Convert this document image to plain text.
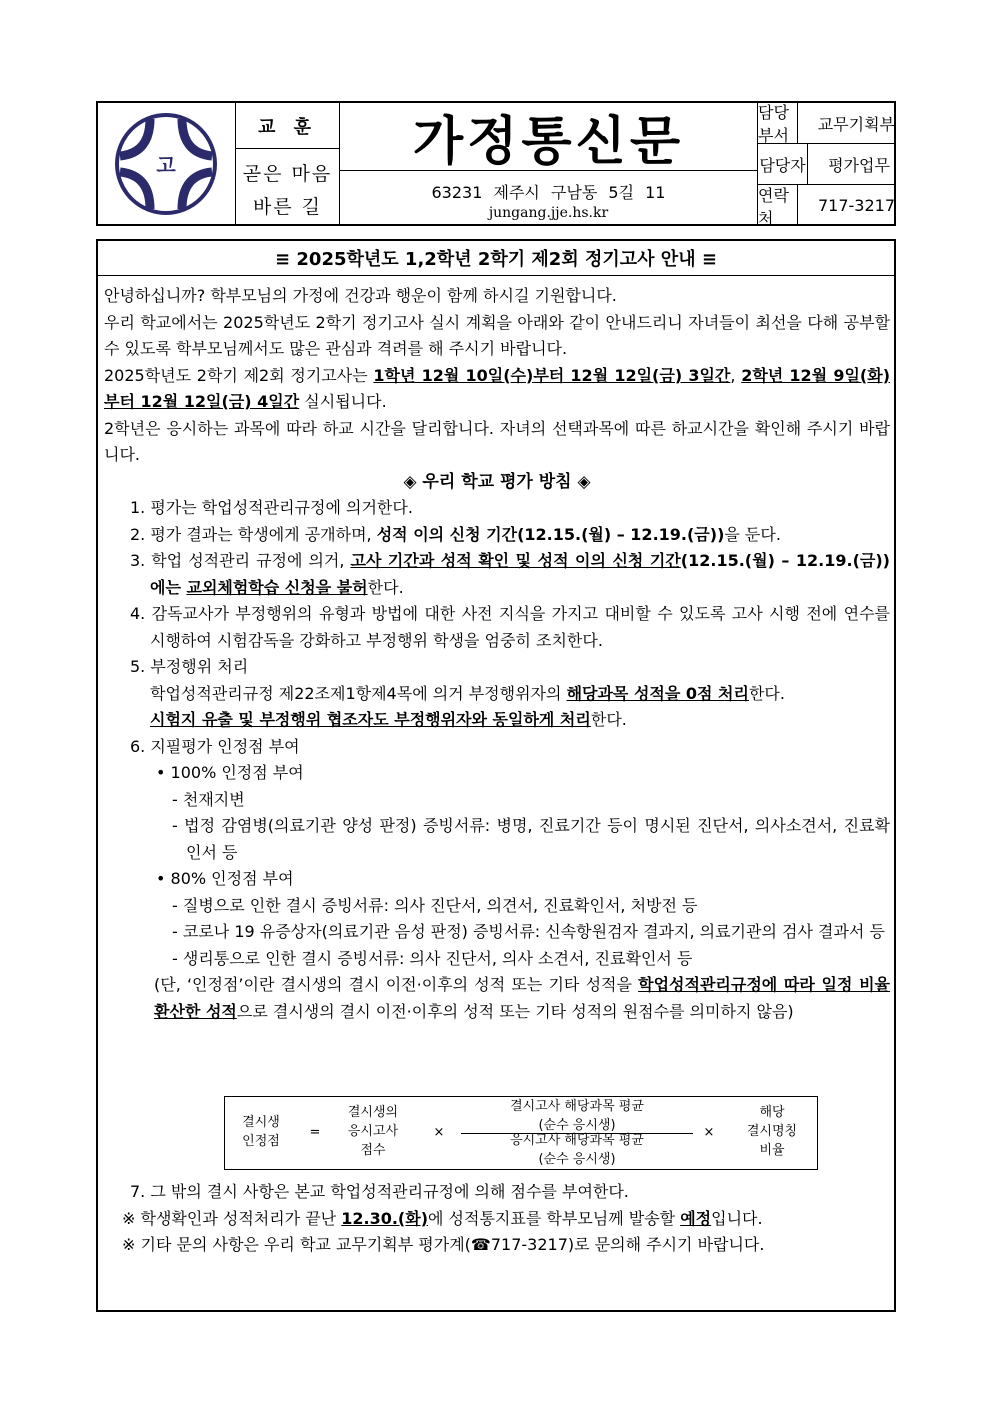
고
교 훈
곧은 마음
바른 길
가정통신문
63231 제주시 구남동 5길 11
jungang.jje.hs.kr
담당부서
교무기획부
담당자	평가업무
연락처
717-3217
≡ 2025학년도 1,2학년 2학기 제2회 정기고사 안내 ≡

안녕하십니까? 학부모님의 가정에 건강과 행운이 함께 하시길 기원합니다.

우리 학교에서는 2025학년도 2학기 정기고사 실시 계획을 아래와 같이 안내드리니 자녀들이 최선을 다해 공부할 수 있도록 학부모님께서도 많은 관심과 격려를 해 주시기 바랍니다.

2025학년도 2학기 제2회 정기고사는 1학년 12월 10일(수)부터 12월 12일(금) 3일간, 2학년 12월 9일(화)부터 12월 12일(금) 4일간 실시됩니다.

2학년은 응시하는 과목에 따라 하교 시간을 달리합니다. 자녀의 선택과목에 따른 하교시간을 확인해 주시기 바랍니다.

◈ 우리 학교 평가 방침 ◈

1. 평가는 학업성적관리규정에 의거한다.

2. 평가 결과는 학생에게 공개하며, 성적 이의 신청 기간(12.15.(월) – 12.19.(금))을 둔다.

3. 학업 성적관리 규정에 의거, 고사 기간과 성적 확인 및 성적 이의 신청 기간(12.15.(월) – 12.19.(금))에는 교외체험학습 신청을 불허한다.

4. 감독교사가 부정행위의 유형과 방법에 대한 사전 지식을 가지고 대비할 수 있도록 고사 시행 전에 연수를 시행하여 시험감독을 강화하고 부정행위 학생을 엄중히 조치한다.

5. 부정행위 처리

학업성적관리규정 제22조제1항제4목에 의거 부정행위자의 해당과목 성적을 0점 처리한다.

시험지 유출 및 부정행위 협조자도 부정행위자와 동일하게 처리한다.

6. 지필평가 인정점 부여

• 100% 인정점 부여

- 천재지변

- 법정 감염병(의료기관 양성 판정) 증빙서류: 병명, 진료기간 등이 명시된 진단서, 의사소견서, 진료확인서 등

• 80% 인정점 부여

- 질병으로 인한 결시 증빙서류: 의사 진단서, 의견서, 진료확인서, 처방전 등

- 코로나 19 유증상자(의료기관 음성 판정) 증빙서류: 신속항원검자 결과지, 의료기관의 검사 결과서 등

- 생리통으로 인한 결시 증빙서류: 의사 진단서, 의사 소견서, 진료확인서 등

(단, ‘인정점’이란 결시생의 결시 이전·이후의 성적 또는 기타 성적을 학업성적관리규정에 따라 일정 비율 환산한 성적으로 결시생의 결시 이전·이후의 성적 또는 기타 성적의 원점수를 의미하지 않음)

결시생
인정점
=
결시생의
응시고사
점수
×
결시고사 해당과목 평균
(순수 응시생)
응시고사 해당과목 평균
(순수 응시생)
×
해당
결시명칭
비율

7. 그 밖의 결시 사항은 본교 학업성적관리규정에 의해 점수를 부여한다.

※ 학생확인과 성적처리가 끝난 12.30.(화)에 성적통지표를 학부모님께 발송할 예정입니다.

※ 기타 문의 사항은 우리 학교 교무기획부 평가계(☎717-3217)로 문의해 주시기 바랍니다.
